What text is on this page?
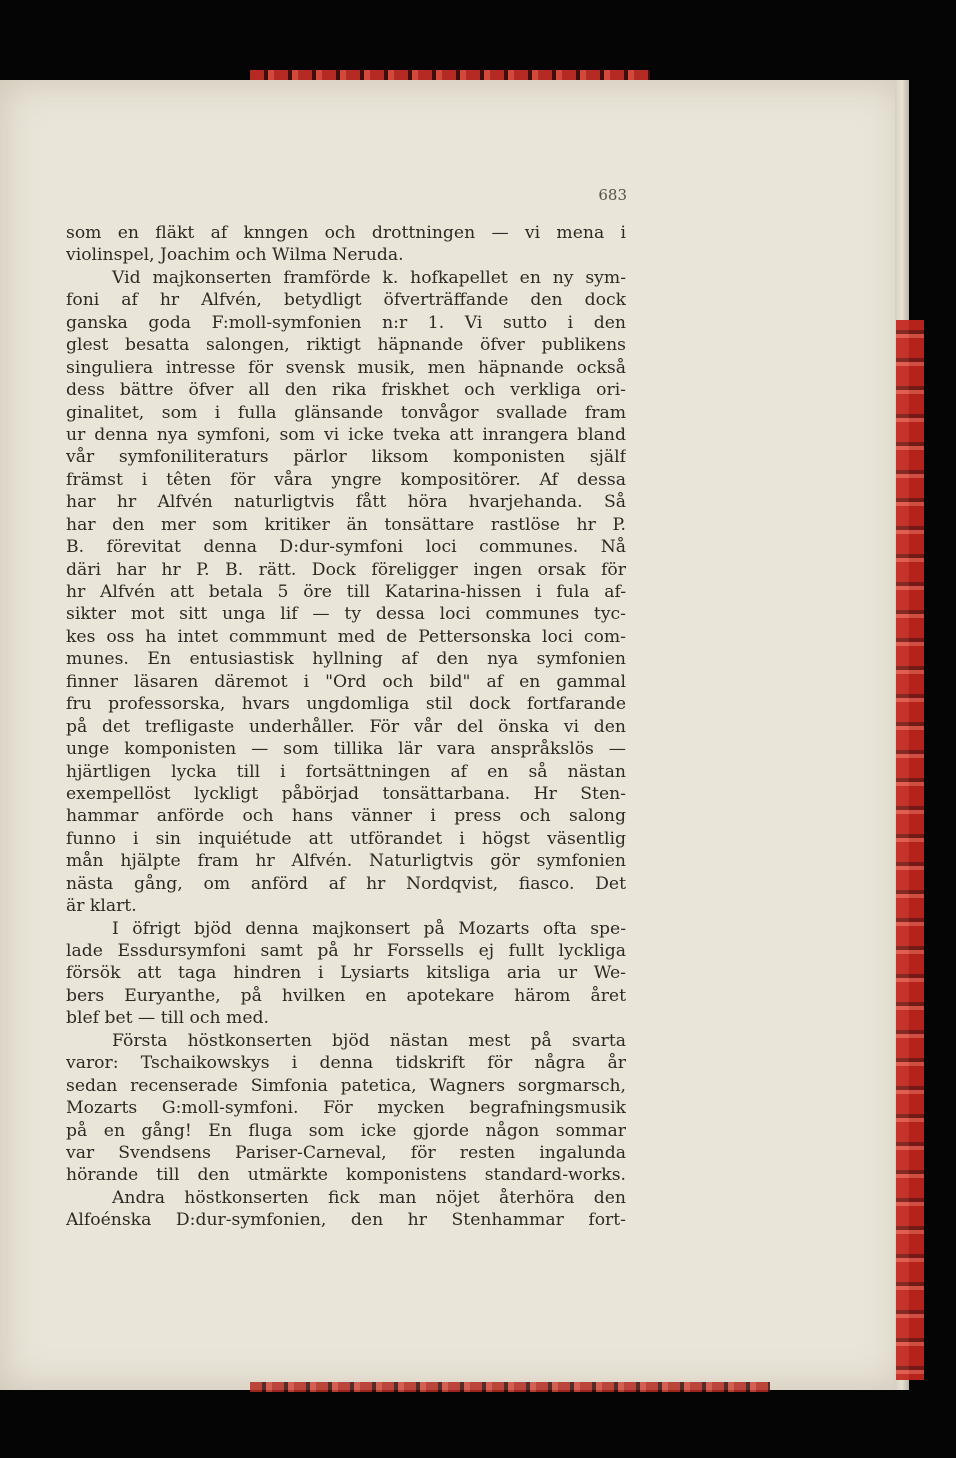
683
som en fläkt af knngen och drottningen — vi mena i
violinspel, Joachim och Wilma Neruda.
Vid majkonserten framförde k. hofkapellet en ny sym-
foni af hr Alfvén, betydligt öfverträffande den dock
ganska goda F:moll-symfonien n:r 1. Vi sutto i den
glest besatta salongen, riktigt häpnande öfver publikens
singuliera intresse för svensk musik, men häpnande också
dess bättre öfver all den rika friskhet och verkliga ori-
ginalitet, som i fulla glänsande tonvågor svallade fram
ur denna nya symfoni, som vi icke tveka att inrangera bland
vår symfoniliteraturs pärlor liksom komponisten själf
främst i têten för våra yngre kompositörer. Af dessa
har hr Alfvén naturligtvis fått höra hvarjehanda. Så
har den mer som kritiker än tonsättare rastlöse hr P.
B. förevitat denna D:dur-symfoni loci communes. Nå
däri har hr P. B. rätt. Dock föreligger ingen orsak för
hr Alfvén att betala 5 öre till Katarina-hissen i fula af-
sikter mot sitt unga lif — ty dessa loci communes tyc-
kes oss ha intet commmunt med de Pettersonska loci com-
munes. En entusiastisk hyllning af den nya symfonien
finner läsaren däremot i "Ord och bild" af en gammal
fru professorska, hvars ungdomliga stil dock fortfarande
på det trefligaste underhåller. För vår del önska vi den
unge komponisten — som tillika lär vara anspråkslös —
hjärtligen lycka till i fortsättningen af en så nästan
exempellöst lyckligt påbörjad tonsättarbana. Hr Sten-
hammar anförde och hans vänner i press och salong
funno i sin inquiétude att utförandet i högst väsentlig
mån hjälpte fram hr Alfvén. Naturligtvis gör symfonien
nästa gång, om anförd af hr Nordqvist, fiasco. Det
är klart.
I öfrigt bjöd denna majkonsert på Mozarts ofta spe-
lade Essdursymfoni samt på hr Forssells ej fullt lyckliga
försök att taga hindren i Lysiarts kitsliga aria ur We-
bers Euryanthe, på hvilken en apotekare härom året
blef bet — till och med.
Första höstkonserten bjöd nästan mest på svarta
varor: Tschaikowskys i denna tidskrift för några år
sedan recenserade Simfonia patetica, Wagners sorgmarsch,
Mozarts G:moll-symfoni. För mycken begrafningsmusik
på en gång! En fluga som icke gjorde någon sommar
var Svendsens Pariser-Carneval, för resten ingalunda
hörande till den utmärkte komponistens standard-works.
Andra höstkonserten fick man nöjet återhöra den
Alfoénska D:dur-symfonien, den hr Stenhammar fort-
